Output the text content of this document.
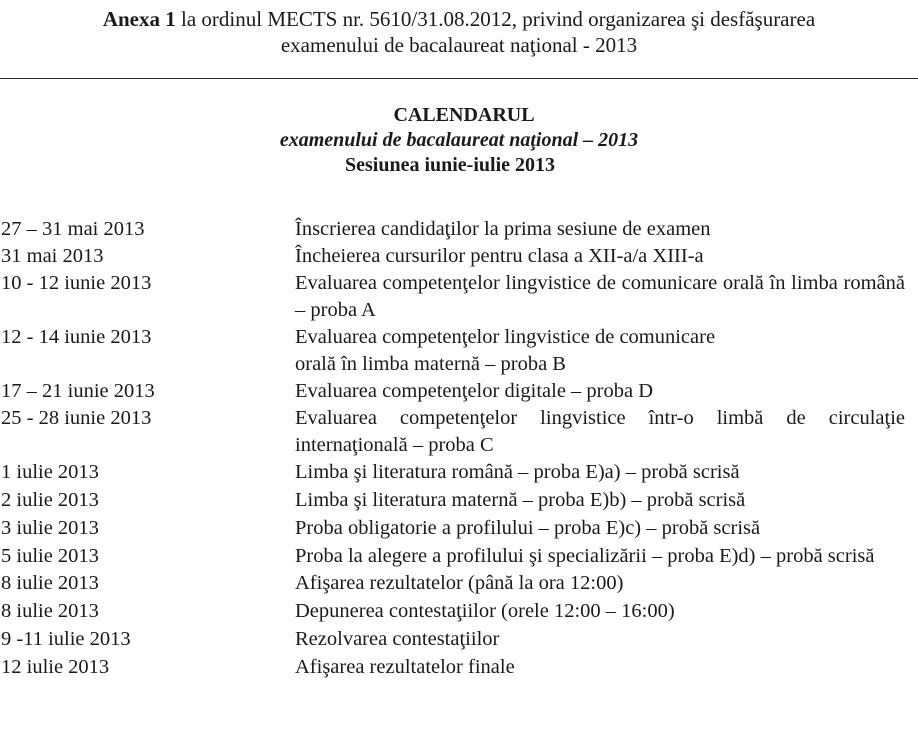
Anexa 1 la ordinul MECTS nr. 5610/31.08.2012, privind organizarea şi desfăşurarea
examenului de bacalaureat naţional - 2013
CALENDARUL
examenului de bacalaureat naţional – 2013
Sesiunea iunie-iulie 2013
27 – 31 mai 2013	Înscrierea candidaţilor la prima sesiune de examen
31 mai 2013	Încheierea cursurilor pentru clasa a XII-a/a XIII-a
10 - 12 iunie 2013	Evaluarea competenţelor lingvistice de comunicare orală în limba română – proba A
12 - 14 iunie 2013	Evaluarea competenţelor lingvistice de comunicare
orală în limba maternă – proba B
17 – 21 iunie 2013	Evaluarea competenţelor digitale – proba D
25 - 28 iunie 2013	Evaluarea competenţelor lingvistice într-o limbă de circulaţie internaţională – proba C
1 iulie 2013	Limba şi literatura română – proba E)a) – probă scrisă
2 iulie 2013	Limba şi literatura maternă – proba E)b) – probă scrisă
3 iulie 2013	Proba obligatorie a profilului – proba E)c) – probă scrisă
5 iulie 2013	Proba la alegere a profilului şi specializării – proba E)d) – probă scrisă
8 iulie 2013	Afişarea rezultatelor (până la ora 12:00)
8 iulie 2013	Depunerea contestaţiilor (orele 12:00 – 16:00)
9 -11 iulie 2013	Rezolvarea contestaţiilor
12 iulie 2013	Afişarea rezultatelor finale
